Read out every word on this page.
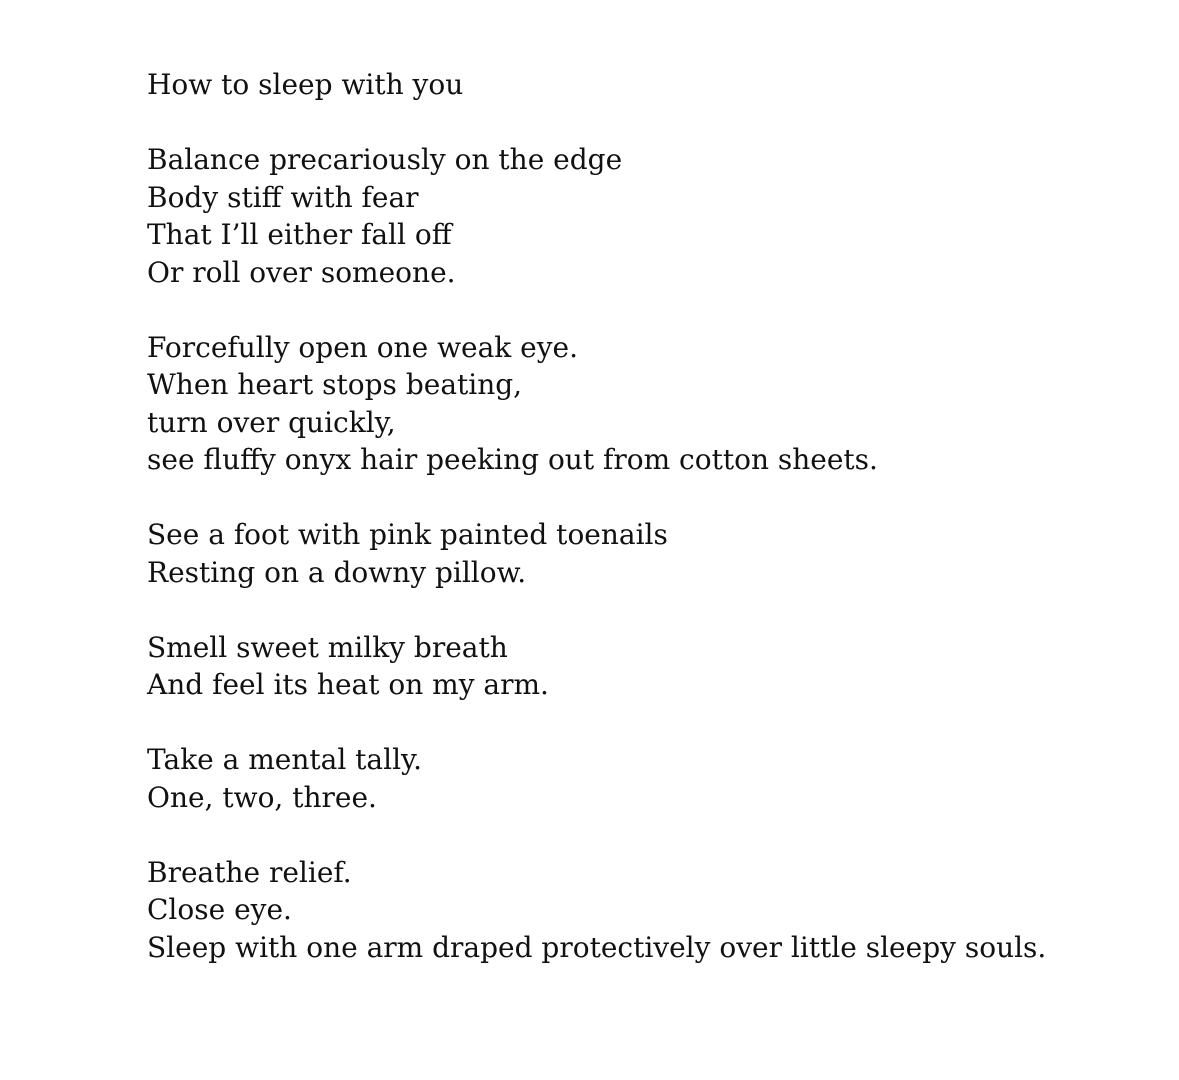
How to sleep with you
Balance precariously on the edge
Body stiff with fear
That I’ll either fall off
Or roll over someone.
Forcefully open one weak eye.
When heart stops beating,
turn over quickly,
see fluffy onyx hair peeking out from cotton sheets.
See a foot with pink painted toenails
Resting on a downy pillow.
Smell sweet milky breath
And feel its heat on my arm.
Take a mental tally.
One, two, three.
Breathe relief.
Close eye.
Sleep with one arm draped protectively over little sleepy souls.
